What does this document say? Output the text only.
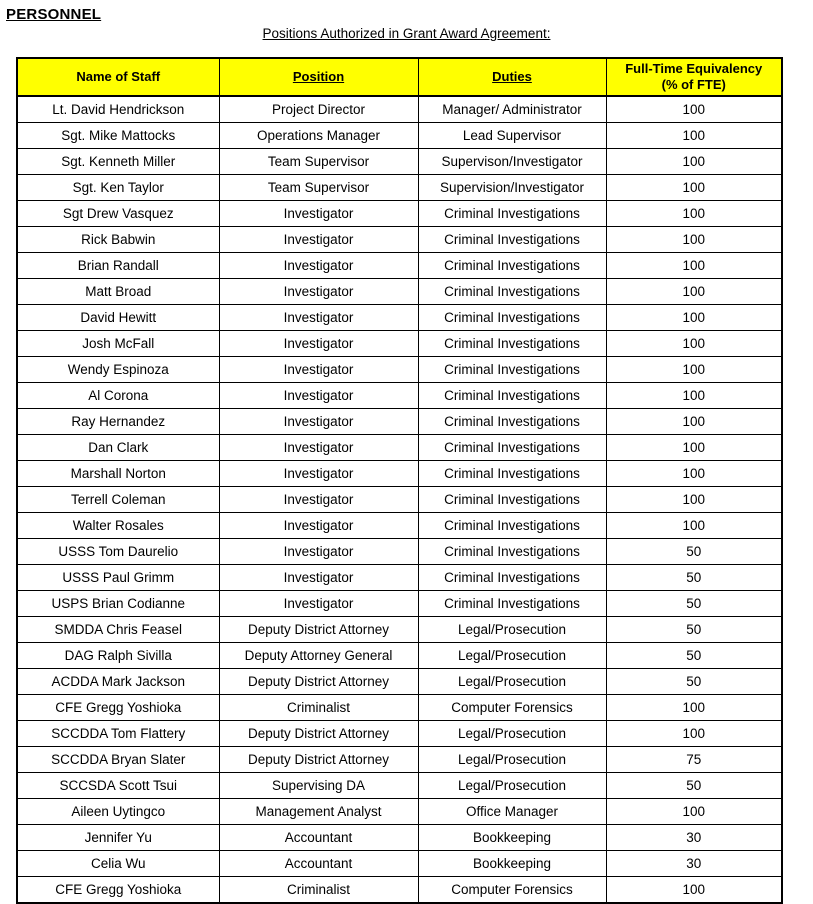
PERSONNEL
Positions Authorized in Grant Award Agreement:
Name of Staff	Position	Duties	Full-Time Equivalency
(% of FTE)
Lt. David Hendrickson	Project Director	Manager/ Administrator	100
Sgt. Mike Mattocks	Operations Manager	Lead Supervisor	100
Sgt. Kenneth Miller	Team Supervisor	Supervison/Investigator	100
Sgt. Ken Taylor	Team Supervisor	Supervision/Investigator	100
Sgt Drew Vasquez	Investigator	Criminal Investigations	100
Rick Babwin	Investigator	Criminal Investigations	100
Brian Randall	Investigator	Criminal Investigations	100
Matt Broad	Investigator	Criminal Investigations	100
David Hewitt	Investigator	Criminal Investigations	100
Josh McFall	Investigator	Criminal Investigations	100
Wendy Espinoza	Investigator	Criminal Investigations	100
Al Corona	Investigator	Criminal Investigations	100
Ray Hernandez	Investigator	Criminal Investigations	100
Dan Clark	Investigator	Criminal Investigations	100
Marshall Norton	Investigator	Criminal Investigations	100
Terrell Coleman	Investigator	Criminal Investigations	100
Walter Rosales	Investigator	Criminal Investigations	100
USSS Tom Daurelio	Investigator	Criminal Investigations	50
USSS Paul Grimm	Investigator	Criminal Investigations	50
USPS Brian Codianne	Investigator	Criminal Investigations	50
SMDDA Chris Feasel	Deputy District Attorney	Legal/Prosecution	50
DAG Ralph Sivilla	Deputy Attorney General	Legal/Prosecution	50
ACDDA Mark Jackson	Deputy District Attorney	Legal/Prosecution	50
CFE Gregg Yoshioka	Criminalist	Computer Forensics	100
SCCDDA Tom Flattery	Deputy District Attorney	Legal/Prosecution	100
SCCDDA Bryan Slater	Deputy District Attorney	Legal/Prosecution	75
SCCSDA Scott Tsui	Supervising DA	Legal/Prosecution	50
Aileen Uytingco	Management Analyst	Office Manager	100
Jennifer Yu	Accountant	Bookkeeping	30
Celia Wu	Accountant	Bookkeeping	30
CFE Gregg Yoshioka	Criminalist	Computer Forensics	100
